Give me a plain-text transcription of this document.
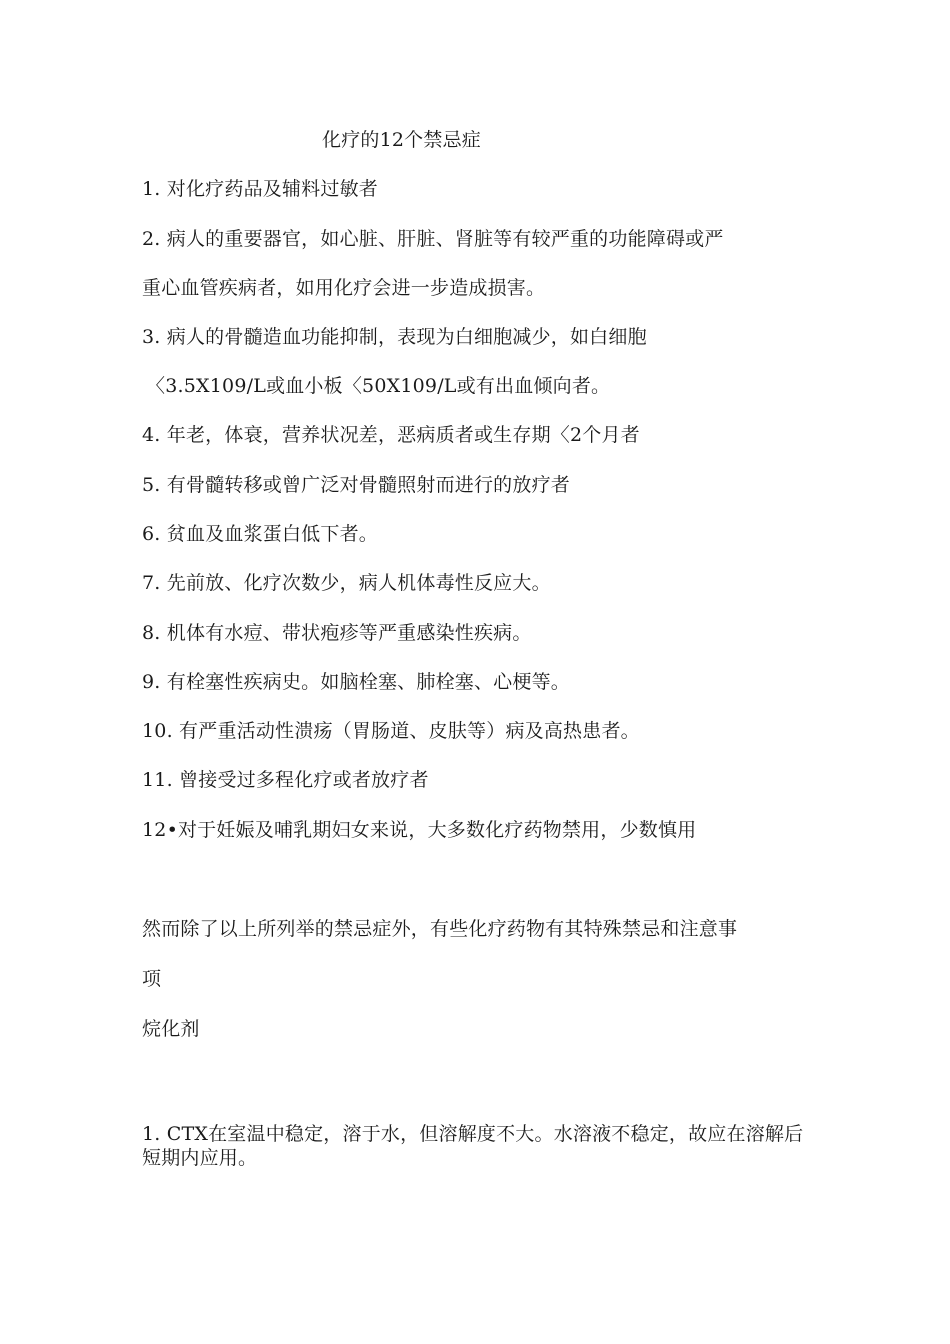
化疗的12个禁忌症
1. 对化疗药品及辅料过敏者
2. 病人的重要器官，如心脏、肝脏、肾脏等有较严重的功能障碍或严
重心血管疾病者，如用化疗会进一步造成损害。
3. 病人的骨髓造血功能抑制，表现为白细胞减少，如白细胞
〈3.5X109/L或血小板〈50X109/L或有出血倾向者。
4. 年老，体衰，营养状况差，恶病质者或生存期〈2个月者
5. 有骨髓转移或曾广泛对骨髓照射而进行的放疗者
6. 贫血及血浆蛋白低下者。
7. 先前放、化疗次数少，病人机体毒性反应大。
8. 机体有水痘、带状疱疹等严重感染性疾病。
9. 有栓塞性疾病史。如脑栓塞、肺栓塞、心梗等。
10. 有严重活动性溃疡（胃肠道、皮肤等）病及高热患者。
11. 曾接受过多程化疗或者放疗者
12•对于妊娠及哺乳期妇女来说，大多数化疗药物禁用，少数慎用
然而除了以上所列举的禁忌症外，有些化疗药物有其特殊禁忌和注意事
项
烷化剂
1. CTX在室温中稳定，溶于水，但溶解度不大。水溶液不稳定，故应在溶解后短期内应用。
